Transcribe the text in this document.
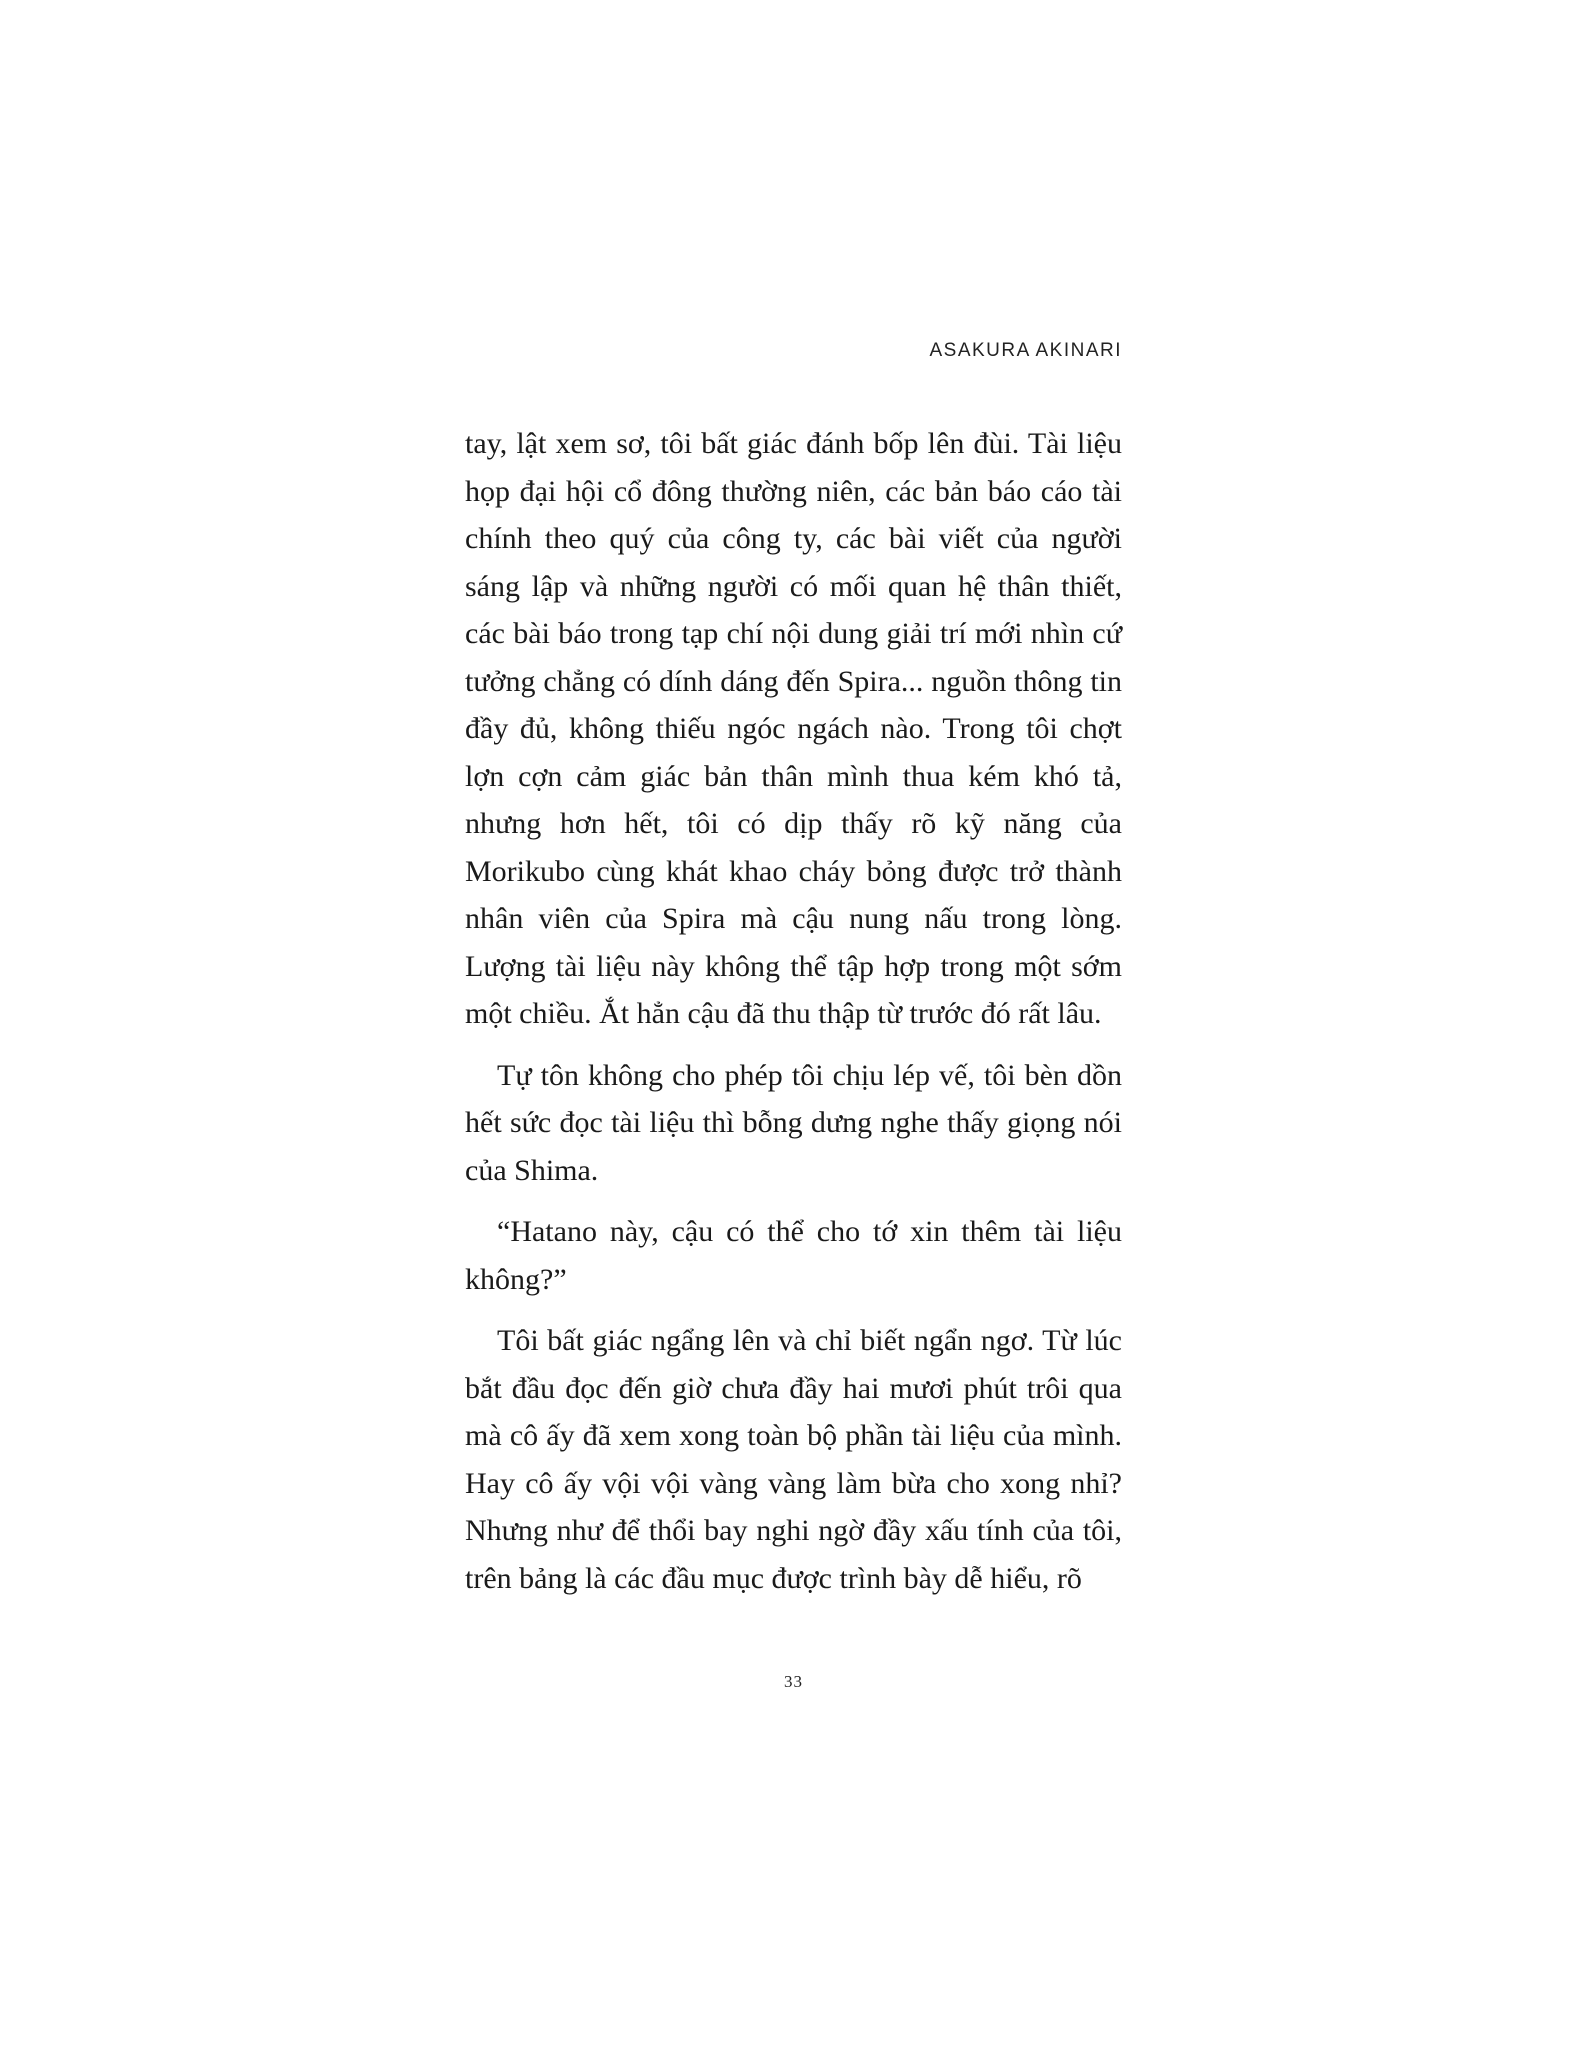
ASAKURA AKINARI

tay, lật xem sơ, tôi bất giác đánh bốp lên đùi. Tài liệu họp đại hội cổ đông thường niên, các bản báo cáo tài chính theo quý của công ty, các bài viết của người sáng lập và những người có mối quan hệ thân thiết, các bài báo trong tạp chí nội dung giải trí mới nhìn cứ tưởng chẳng có dính dáng đến Spira... nguồn thông tin đầy đủ, không thiếu ngóc ngách nào. Trong tôi chợt lợn cợn cảm giác bản thân mình thua kém khó tả, nhưng hơn hết, tôi có dịp thấy rõ kỹ năng của Morikubo cùng khát khao cháy bỏng được trở thành nhân viên của Spira mà cậu nung nấu trong lòng. Lượng tài liệu này không thể tập hợp trong một sớm một chiều. Ắt hẳn cậu đã thu thập từ trước đó rất lâu.

Tự tôn không cho phép tôi chịu lép vế, tôi bèn dồn hết sức đọc tài liệu thì bỗng dưng nghe thấy giọng nói của Shima.

“Hatano này, cậu có thể cho tớ xin thêm tài liệu không?”

Tôi bất giác ngẩng lên và chỉ biết ngẩn ngơ. Từ lúc bắt đầu đọc đến giờ chưa đầy hai mươi phút trôi qua mà cô ấy đã xem xong toàn bộ phần tài liệu của mình. Hay cô ấy vội vội vàng vàng làm bừa cho xong nhỉ? Nhưng như để thổi bay nghi ngờ đầy xấu tính của tôi, trên bảng là các đầu mục được trình bày dễ hiểu, rõ

33
